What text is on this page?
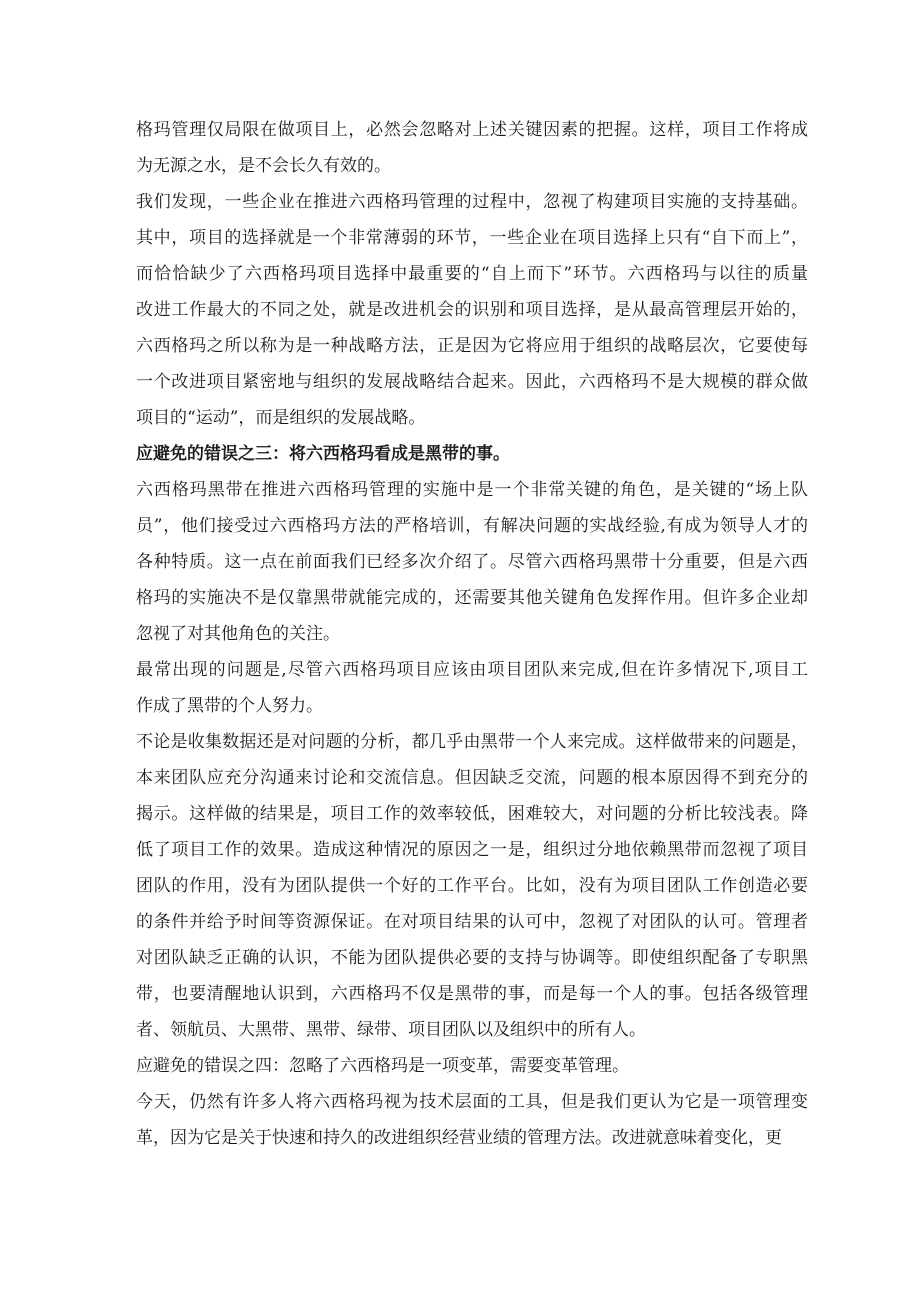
格玛管理仅局限在做项目上，必然会忽略对上述关键因素的把握。这样，项目工作将成
为无源之水，是不会长久有效的。
我们发现，一些企业在推进六西格玛管理的过程中，忽视了构建项目实施的支持基础。
其中，项目的选择就是一个非常薄弱的环节，一些企业在项目选择上只有“自下而上”，
而恰恰缺少了六西格玛项目选择中最重要的“自上而下”环节。六西格玛与以往的质量
改进工作最大的不同之处，就是改进机会的识别和项目选择，是从最高管理层开始的，
六西格玛之所以称为是一种战略方法，正是因为它将应用于组织的战略层次，它要使每
一个改进项目紧密地与组织的发展战略结合起来。因此，六西格玛不是大规模的群众做
项目的“运动”，而是组织的发展战略。
应避免的错误之三：将六西格玛看成是黑带的事。
六西格玛黑带在推进六西格玛管理的实施中是一个非常关键的角色，是关键的“场上队
员”，他们接受过六西格玛方法的严格培训，有解决问题的实战经验,有成为领导人才的
各种特质。这一点在前面我们已经多次介绍了。尽管六西格玛黑带十分重要，但是六西
格玛的实施决不是仅靠黑带就能完成的，还需要其他关键角色发挥作用。但许多企业却
忽视了对其他角色的关注。
最常出现的问题是,尽管六西格玛项目应该由项目团队来完成,但在许多情况下,项目工
作成了黑带的个人努力。
不论是收集数据还是对问题的分析，都几乎由黑带一个人来完成。这样做带来的问题是，
本来团队应充分沟通来讨论和交流信息。但因缺乏交流，问题的根本原因得不到充分的
揭示。这样做的结果是，项目工作的效率较低，困难较大，对问题的分析比较浅表。降
低了项目工作的效果。造成这种情况的原因之一是，组织过分地依赖黑带而忽视了项目
团队的作用，没有为团队提供一个好的工作平台。比如，没有为项目团队工作创造必要
的条件并给予时间等资源保证。在对项目结果的认可中，忽视了对团队的认可。管理者
对团队缺乏正确的认识，不能为团队提供必要的支持与协调等。即使组织配备了专职黑
带，也要清醒地认识到，六西格玛不仅是黑带的事，而是每一个人的事。包括各级管理
者、领航员、大黑带、黑带、绿带、项目团队以及组织中的所有人。
应避免的错误之四：忽略了六西格玛是一项变革，需要变革管理。
今天，仍然有许多人将六西格玛视为技术层面的工具，但是我们更认为它是一项管理变
革，因为它是关于快速和持久的改进组织经营业绩的管理方法。改进就意味着变化，更
